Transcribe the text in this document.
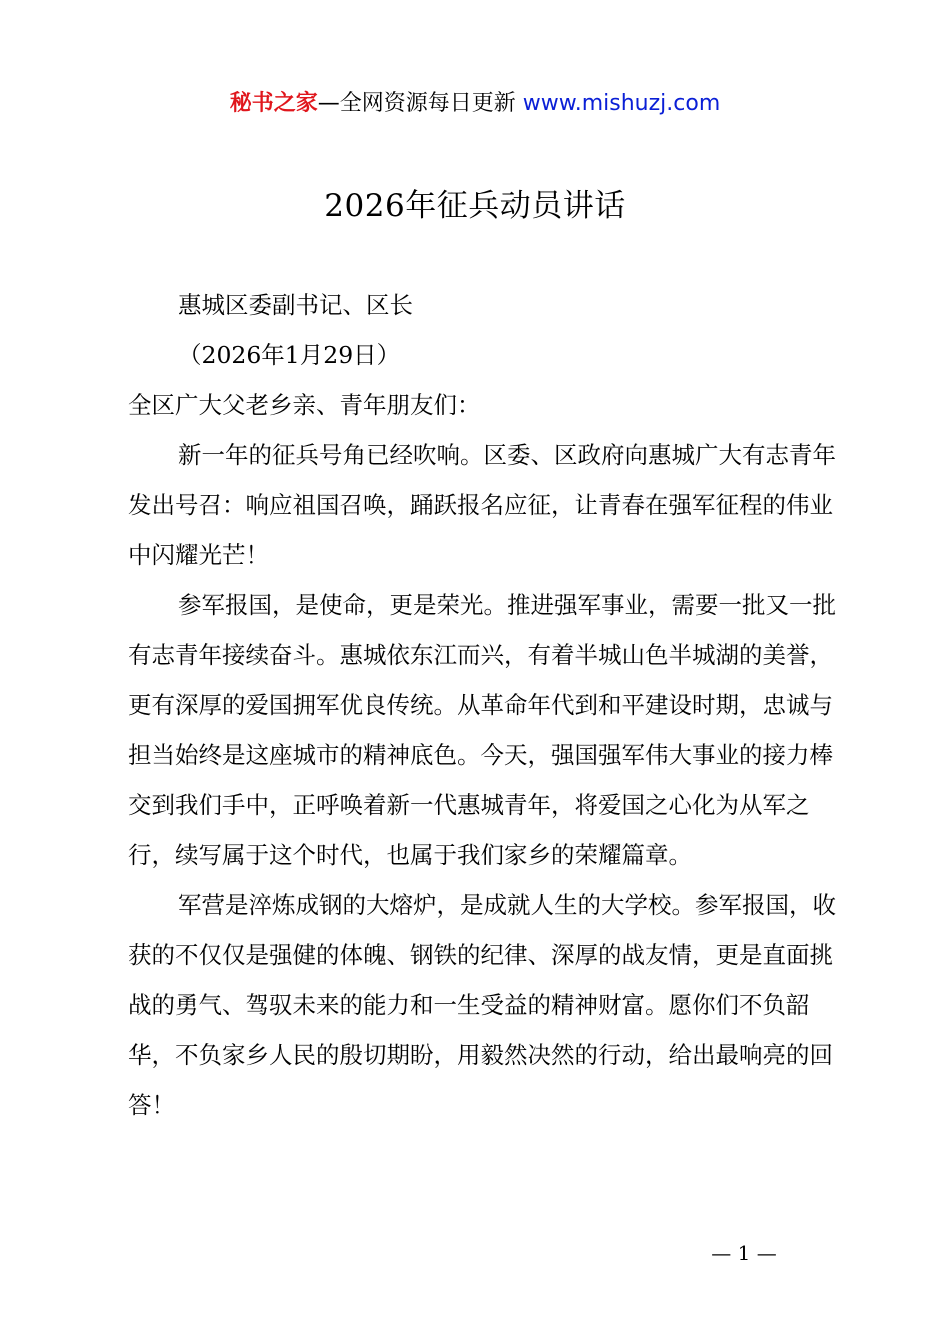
秘书之家—全网资源每日更新 www.mishuzj.com
2026年征兵动员讲话

惠城区委副书记、区长

（2026年1月29日）

全区广大父老乡亲、青年朋友们：

新一年的征兵号角已经吹响。区委、区政府向惠城广大有志青年发出号召：响应祖国召唤，踊跃报名应征，让青春在强军征程的伟业中闪耀光芒！

参军报国，是使命，更是荣光。推进强军事业，需要一批又一批有志青年接续奋斗。惠城依东江而兴，有着半城山色半城湖的美誉，更有深厚的爱国拥军优良传统。从革命年代到和平建设时期，忠诚与担当始终是这座城市的精神底色。今天，强国强军伟大事业的接力棒交到我们手中，正呼唤着新一代惠城青年，将爱国之心化为从军之行，续写属于这个时代，也属于我们家乡的荣耀篇章。

军营是淬炼成钢的大熔炉，是成就人生的大学校。参军报国，收获的不仅仅是强健的体魄、钢铁的纪律、深厚的战友情，更是直面挑战的勇气、驾驭未来的能力和一生受益的精神财富。愿你们不负韶华，不负家乡人民的殷切期盼，用毅然决然的行动，给出最响亮的回答！

— 1 —
